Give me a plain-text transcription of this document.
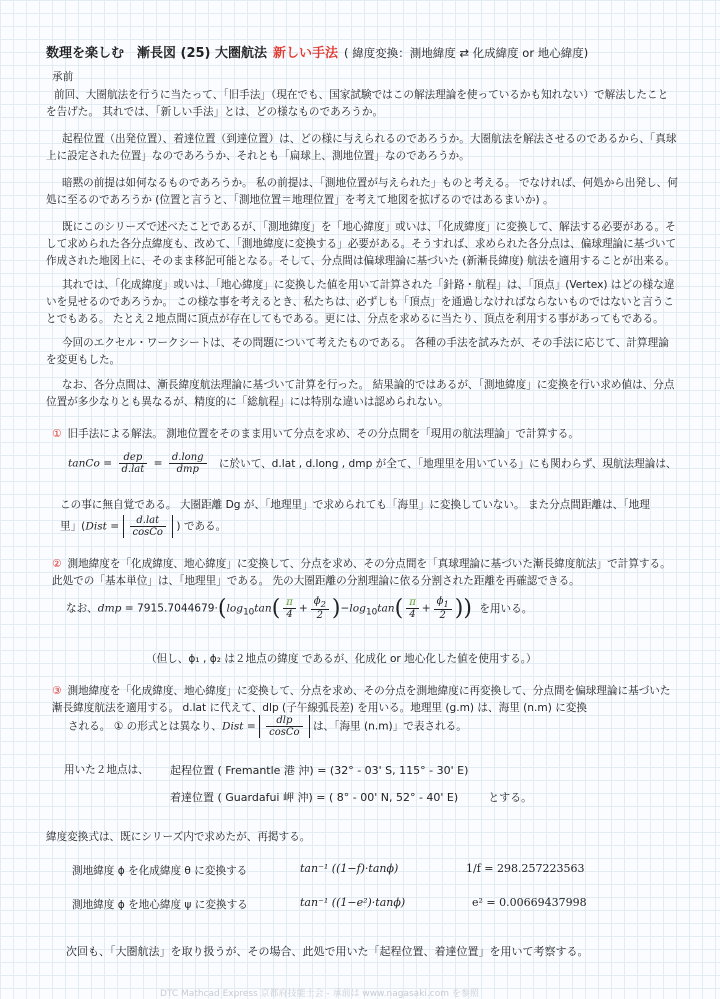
数理を楽しむ　漸長図 (25) 大圏航法 新しい手法 ( 緯度変換：測地緯度 ⇄ 化成緯度 or 地心緯度)
承前
前回、大圏航法を行うに当たって、「旧手法」（現在でも、国家試験ではこの解法理論を使っているかも知れない）で解法したことを告げた。 其れでは、「新しい手法」とは、どの様なものであろうか。
起程位置（出発位置）、着達位置（到達位置）は、どの様に与えられるのであろうか。大圏航法を解法させるのであるから、「真球上に設定された位置」なのであろうか、それとも「扁球上、測地位置」なのであろうか。
暗黙の前提は如何なるものであろうか。 私の前提は、「測地位置が与えられた」ものと考える。 でなければ、何処から出発し、何処に至るのであろうか (位置と言うと、「測地位置＝地理位置」を考えて地図を拡げるのではあるまいか) 。
既にこのシリーズで述べたことであるが、「測地緯度」を「地心緯度」或いは、「化成緯度」に変換して、解法する必要がある。そして求められた各分点緯度も、改めて、「測地緯度に変換する」必要がある。そうすれば、求められた各分点は、偏球理論に基づいて作成された地図上に、そのまま移記可能となる。そして、分点間は偏球理論に基づいた (新漸長緯度) 航法を適用することが出来る。
其れでは、「化成緯度」或いは、「地心緯度」に変換した値を用いて計算された「針路・航程」は、「頂点」(Vertex) はどの様な違いを見せるのであろうか。 この様な事を考えるとき、私たちは、必ずしも「頂点」を通過しなければならないものではないと言うことでもある。 たとえ２地点間に頂点が存在してもである。更には、分点を求めるに当たり、頂点を利用する事があってもである。
今回のエクセル・ワークシートは、その問題について考えたものである。 各種の手法を試みたが、その手法に応じて、計算理論を変更もした。
なお、各分点間は、漸長緯度航法理論に基づいて計算を行った。 結果論的ではあるが、「測地緯度」に変換を行い求め値は、分点位置が多少なりとも異なるが、精度的に「総航程」には特別な違いは認められない。
① 旧手法による解法。 測地位置をそのまま用いて分点を求め、その分点間を「現用の航法理論」で計算する。
tanCo = $\frac{\text{dep}}{\text{d.lat}} = \frac{\text{d.long}}{\text{dmp}}$ に於いて、d.lat , d.long , dmp が全て、「地理里を用いている」にも関わらず、現航法理論は、
この事に無自覚である。 大圏距離 Dg が、「地理里」で求められても「海里」に変換していない。 また分点間距離は、「地理
里」(Dist = $\frac{\text{d.lat}}{\text{cosCo}}$ ) である。
② 測地緯度を「化成緯度、地心緯度」に変換して、分点を求め、その分点間を「真球理論に基づいた漸長緯度航法」で計算する。此処での「基本単位」は、「地理里」である。 先の大圏距離の分割理論に依る分割された距離を再確認できる。
なお、dmp = $7915.7044679\cdot(\log_{10}\tan( \frac{\pi}{4} + \frac{\phi_2}{2} )-\log_{10}\tan( \frac{\pi}{4} + \frac{\phi_1}{2}$ )) を用いる。
（但し、ϕ₁ , ϕ₂ は２地点の緯度 であるが、化成化 or 地心化した値を使用する。）
③ 測地緯度を「化成緯度、地心緯度」に変換して、分点を求め、その分点を測地緯度に再変換して、分点間を偏球理論に基づいた漸長緯度航法を適用する。 d.lat に代えて、dlp (子午線弧長差) を用いる。地理里 (g.m) は、海里 (n.m) に変換
される。 ① の形式とは異なり、Dist = $\frac{\text{dlp}}{\text{cosCo}}$ は、「海里 (n.m)」で表される。
用いた２地点は、 起程位置 ( Fremantle 港 沖) = (32° - 03' S, 115° - 30' E)
着達位置 ( Guardafui 岬 沖) = ( 8° - 00' N, 52° - 40' E)	とする。
緯度変換式は、既にシリーズ内で求めたが、再掲する。
測地緯度 ϕ を化成緯度 θ に変換する	tan⁻¹ ((1−f)·tanϕ)	1/f = 298.257223563
測地緯度 ϕ を地心緯度 ψ に変換する	tan⁻¹ ((1−e²)·tanϕ)	e² = 0.00669437998
次回も、「大圏航法」を取り扱うが、その場合、此処で用いた「起程位置、着達位置」を用いて考察する。
DTC Mathcad Express 京都府技能士会 - 承前は www.nagasaki.com を参照
